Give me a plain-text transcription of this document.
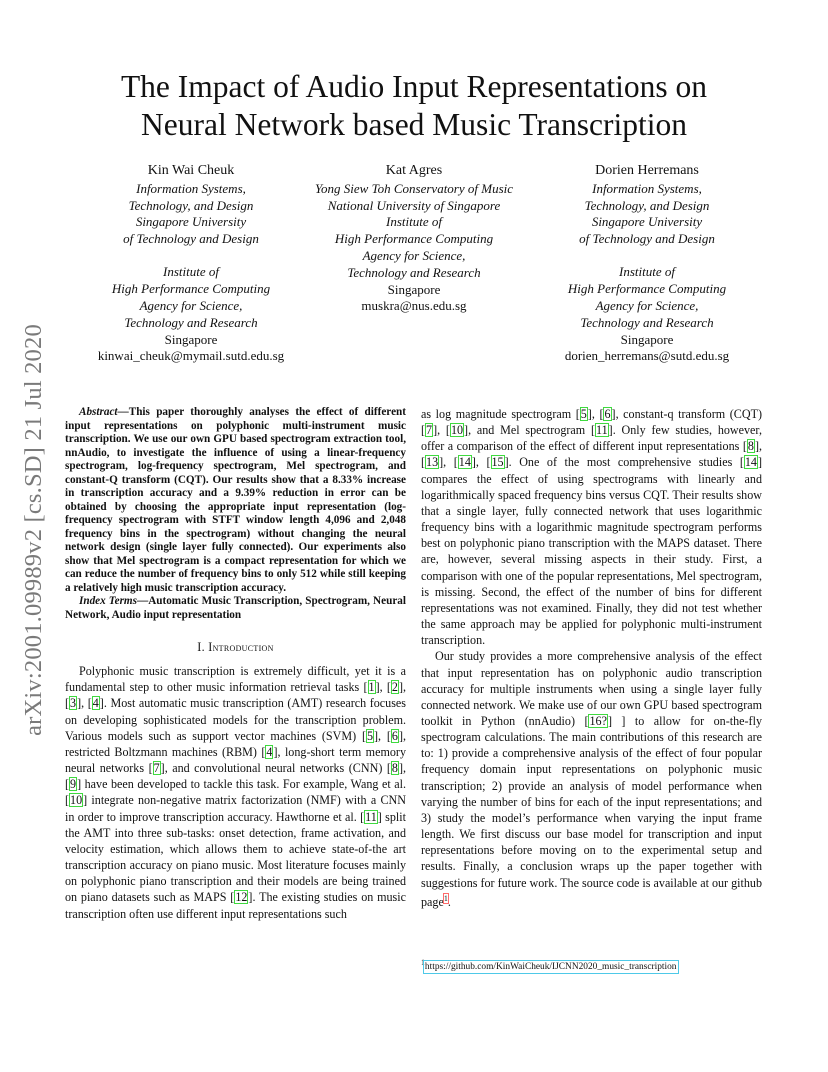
arXiv:2001.09989v2 [cs.SD] 21 Jul 2020
The Impact of Audio Input Representations on
Neural Network based Music Transcription
Kin Wai Cheuk
Information Systems,
Technology, and Design
Singapore University
of Technology and Design
Institute of
High Performance Computing
Agency for Science,
Technology and Research
Singapore
kinwai_cheuk@mymail.sutd.edu.sg
Kat Agres
Yong Siew Toh Conservatory of Music
National University of Singapore
Institute of
High Performance Computing
Agency for Science,
Technology and Research
Singapore
muskra@nus.edu.sg
Dorien Herremans
Information Systems,
Technology, and Design
Singapore University
of Technology and Design
Institute of
High Performance Computing
Agency for Science,
Technology and Research
Singapore
dorien_herremans@sutd.edu.sg

Abstract—This paper thoroughly analyses the effect of different input representations on polyphonic multi-instrument music transcription. We use our own GPU based spectrogram extraction tool, nnAudio, to investigate the influence of using a linear-frequency spectrogram, log-frequency spectrogram, Mel spectrogram, and constant-Q transform (CQT). Our results show that a 8.33% increase in transcription accuracy and a 9.39% reduction in error can be obtained by choosing the appropriate input representation (log-frequency spectrogram with STFT window length 4,096 and 2,048 frequency bins in the spectrogram) without changing the neural network design (single layer fully connected). Our experiments also show that Mel spectrogram is a compact representation for which we can reduce the number of frequency bins to only 512 while still keeping a relatively high music transcription accuracy.

Index Terms—Automatic Music Transcription, Spectrogram, Neural Network, Audio input representation

I. Introduction

Polyphonic music transcription is extremely difficult, yet it is a fundamental step to other music information retrieval tasks [1], [2], [3], [4]. Most automatic music transcription (AMT) research focuses on developing sophisticated models for the transcription problem. Various models such as support vector machines (SVM) [5], [6], restricted Boltzmann machines (RBM) [4], long-short term memory neural networks [7], and convolutional neural networks (CNN) [8], [9] have been developed to tackle this task. For example, Wang et al. [10] integrate non-negative matrix factorization (NMF) with a CNN in order to improve transcription accuracy. Hawthorne et al. [11] split the AMT into three sub-tasks: onset detection, frame activation, and velocity estimation, which allows them to achieve state-of-the art transcription accuracy on piano music. Most literature focuses mainly on polyphonic piano transcription and their models are being trained on piano datasets such as MAPS [12]. The existing studies on music transcription often use different input representations such

as log magnitude spectrogram [5], [6], constant-q transform (CQT) [7], [10], and Mel spectrogram [11]. Only few studies, however, offer a comparison of the effect of different input representations [8], [13], [14], [15]. One of the most comprehensive studies [14] compares the effect of using spectrograms with linearly and logarithmically spaced frequency bins versus CQT. Their results show that a single layer, fully connected network that uses logarithmic frequency bins with a logarithmic magnitude spectrogram performs best on polyphonic piano transcription with the MAPS dataset. There are, however, several missing aspects in their study. First, a comparison with one of the popular representations, Mel spectrogram, is missing. Second, the effect of the number of bins for different representations was not examined. Finally, they did not test whether the same approach may be applied for polyphonic multi-instrument transcription.

Our study provides a more comprehensive analysis of the effect that input representation has on polyphonic audio transcription accuracy for multiple instruments when using a single layer fully connected network. We make use of our own GPU based spectrogram toolkit in Python (nnAudio) [16?] ] to allow for on-the-fly spectrogram calculations. The main contributions of this research are to: 1) provide a comprehensive analysis of the effect of four popular frequency domain input representations on polyphonic music transcription; 2) provide an analysis of model performance when varying the number of bins for each of the input representations; and 3) study the model’s performance when varying the input frame length. We first discuss our base model for transcription and input representations before moving on to the experimental setup and results. Finally, a conclusion wraps up the paper together with suggestions for future work. The source code is available at our github page$^1$.

$^1$https://github.com/KinWaiCheuk/IJCNN2020_music_transcription
